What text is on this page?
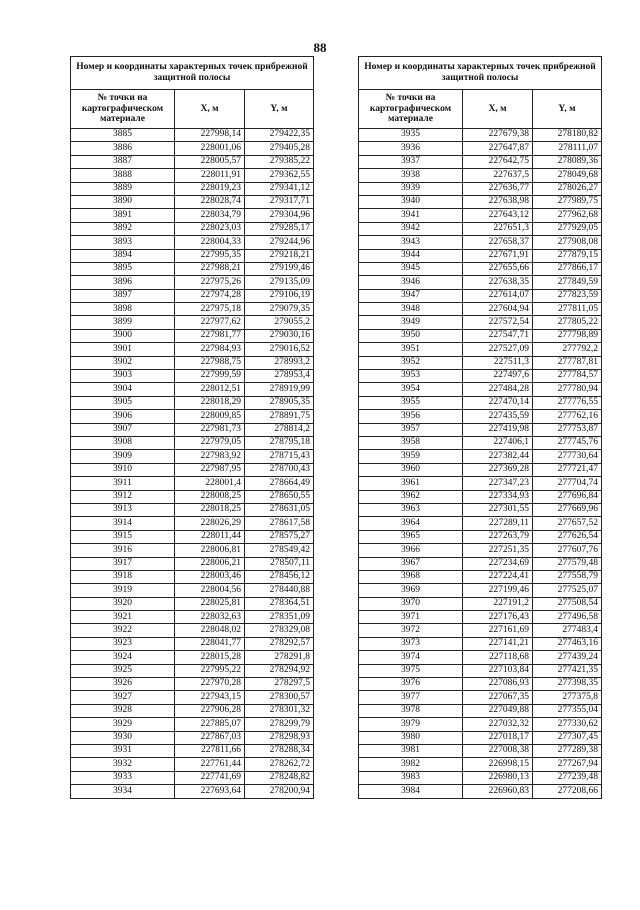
88
Номер и координаты характерных точек прибрежной защитной полосы		
№ точки на картографическом материале	X, м	Y, м
3885	227998,14	279422,35
3886	228001,06	279405,28
3887	228005,57	279385,22
3888	228011,91	279362,55
3889	228019,23	279341,12
3890	228028,74	279317,71
3891	228034,79	279304,96
3892	228023,03	279285,17
3893	228004,33	279244,96
3894	227995,35	279218,21
3895	227988,21	279199,46
3896	227975,26	279135,09
3897	227974,28	279106,19
3898	227975,18	279079,35
3899	227977,62	279055,2
3900	227981,77	279030,16
3901	227984,93	279016,52
3902	227988,75	278993,2
3903	227999,59	278953,4
3904	228012,51	278919,99
3905	228018,29	278905,35
3906	228009,85	278891,75
3907	227981,73	278814,2
3908	227979,05	278795,18
3909	227983,92	278715,43
3910	227987,95	278700,43
3911	228001,4	278664,49
3912	228008,25	278650,55
3913	228018,25	278631,05
3914	228026,29	278617,58
3915	228011,44	278575,27
3916	228006,81	278549,42
3917	228006,21	278507,11
3918	228003,46	278456,12
3919	228004,56	278440,88
3920	228025,81	278364,51
3921	228032,63	278351,09
3922	228048,02	278329,08
3923	228041,77	278292,57
3924	228015,28	278291,8
3925	227995,22	278294,92
3926	227970,28	278297,5
3927	227943,15	278300,57
3928	227906,28	278301,32
3929	227885,07	278299,79
3930	227867,03	278298,93
3931	227811,66	278288,34
3932	227761,44	278262,72
3933	227741,69	278248,82
3934	227693,64	278200,94
Номер и координаты характерных точек прибрежной защитной полосы		
№ точки на картографическом материале	X, м	Y, м
3935	227679,38	278180,82
3936	227647,87	278111,07
3937	227642,75	278089,36
3938	227637,5	278049,68
3939	227636,77	278026,27
3940	227638,98	277989,75
3941	227643,12	277962,68
3942	227651,3	277929,05
3943	227658,37	277908,08
3944	227671,91	277879,15
3945	227655,66	277866,17
3946	227638,35	277849,59
3947	227614,07	277823,59
3948	227604,94	277811,05
3949	227572,54	277805,22
3950	227547,71	277798,89
3951	227527,09	277792,2
3952	227511,3	277787,81
3953	227497,6	277784,57
3954	227484,28	277780,94
3955	227470,14	277776,55
3956	227435,59	277762,16
3957	227419,98	277753,87
3958	227406,1	277745,76
3959	227382,44	277730,64
3960	227369,28	277721,47
3961	227347,23	277704,74
3962	227334,93	277696,84
3963	227301,55	277669,96
3964	227289,11	277657,52
3965	227263,79	277626,54
3966	227251,35	277607,76
3967	227234,69	277579,48
3968	227224,41	277558,79
3969	227199,46	277525,07
3970	227191,2	277508,54
3971	227176,43	277496,58
3972	227161,69	277483,4
3973	227141,21	277463,16
3974	227118,68	277439,24
3975	227103,84	277421,35
3976	227086,93	277398,35
3977	227067,35	277375,8
3978	227049,88	277355,04
3979	227032,32	277330,62
3980	227018,17	277307,45
3981	227008,38	277289,38
3982	226998,15	277267,94
3983	226980,13	277239,48
3984	226960,83	277208,66
